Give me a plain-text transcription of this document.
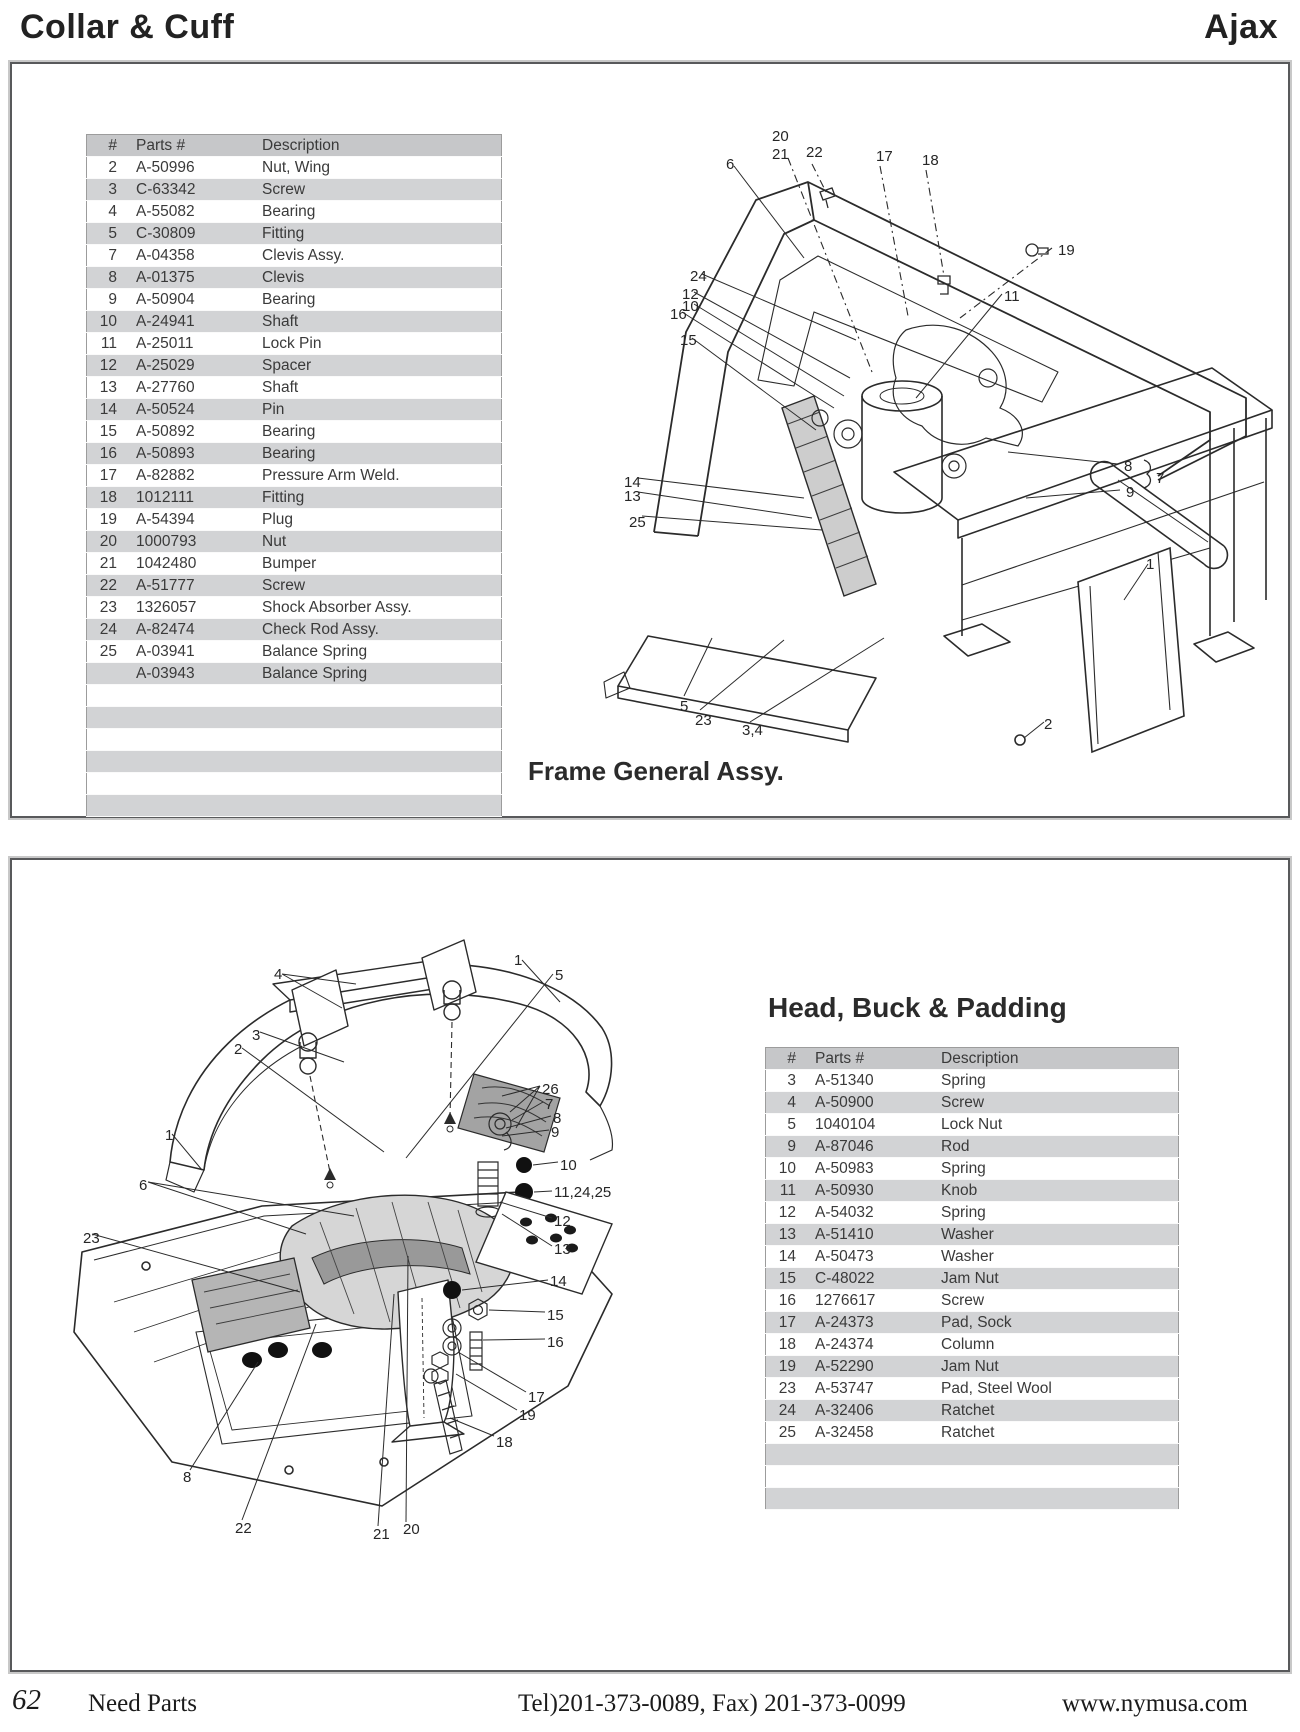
Collar & Cuff	Ajax
#	Parts #	Description
2	A-50996	Nut, Wing
3	C-63342	Screw
4	A-55082	Bearing
5	C-30809	Fitting
7	A-04358	Clevis Assy.
8	A-01375	Clevis
9	A-50904	Bearing
10	A-24941	Shaft
11	A-25011	Lock Pin
12	A-25029	Spacer
13	A-27760	Shaft
14	A-50524	Pin
15	A-50892	Bearing
16	A-50893	Bearing
17	A-82882	Pressure Arm Weld.
18	1012111	Fitting
19	A-54394	Plug
20	1000793	Nut
21	1042480	Bumper
22	A-51777	Screw
23	1326057	Shock Absorber Assy.
24	A-82474	Check Rod Assy.
25	A-03941	Balance Spring
	A-03943	Balance Spring

Frame General Assy.
20
21 22	17 18
6
19
24
12
10
16
15
11
8
7
9
14
13
25
1
5
23
3,4	2
Head, Buck & Padding
#	Parts #	Description
3	A-51340	Spring
4	A-50900	Screw
5	1040104	Lock Nut
9	A-87046	Rod
10	A-50983	Spring
11	A-50930	Knob
12	A-54032	Spring
13	A-51410	Washer
14	A-50473	Washer
15	C-48022	Jam Nut
16	1276617	Screw
17	A-24373	Pad, Sock
18	A-24374	Column
19	A-52290	Jam Nut
23	A-53747	Pad, Steel Wool
24	A-32406	Ratchet
25	A-32458	Ratchet

4
1
5
3
2
26
7
8
9
10
11,24,25
12
13
1
6
23
14
15
16
17
19
18
8
22	21 20
62 Need Parts	Tel)201-373-0089, Fax) 201-373-0099	www.nymusa.com
